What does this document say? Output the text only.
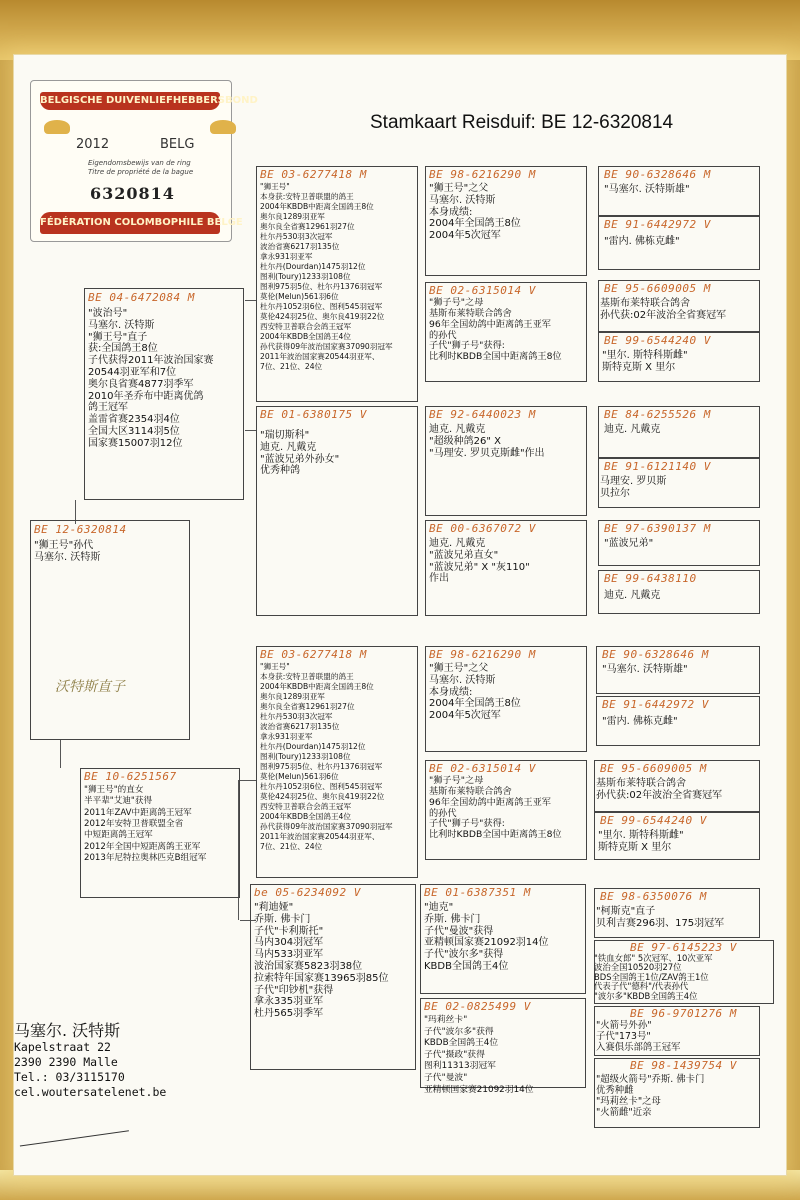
BELGISCHE DUIVENLIEFHEBBERSBOND
2012	BELG
Eigendomsbewijs van de ring
Titre de propriété de la bague
6320814
FÉDÉRATION COLOMBOPHILE BELGE
Stamkaart Reisduif: BE 12-6320814
BE 12-6320814
"狮王号"孙代
马塞尔. 沃特斯
沃特斯直子
BE 04-6472084 M
"波治号"
马塞尔. 沃特斯
"狮王号"直子
获:全国鸽王8位
子代获得2011年波治国家赛
20544羽亚军和7位
奥尔良省赛4877羽季军
2010年圣乔布中距离优鸽
鸽王冠军
盖雷省赛2354羽4位
全国大区3114羽5位
国家赛15007羽12位
BE 10-6251567
"狮王号"的直女
半平辈"艾迪"获得
2011年ZAV中距离鸽王冠军
2012年安特卫普联盟全省
中短距离鸽王冠军
2012年全国中短距离鸽王亚军
2013年尼特拉奥林匹克B组冠军
BE 03-6277418 M
"狮王号"
本身获:安特卫普联盟的鸽王
2004年KBDB中距离全国鸽王8位
奥尔良1289羽亚军
奥尔良全省赛12961羽27位
杜尔丹530羽3次冠军
波治省赛6217羽135位
拿永931羽亚军
杜尔丹(Dourdan)1475羽12位
图利(Toury)1233羽108位
图利975羽5位、杜尔丹1376羽冠军
莫伦(Melun)561羽6位
杜尔丹1052羽6位、图利545羽冠军
莫伦424羽25位、奥尔良419羽22位
西安特卫普联合会鸽王冠军
2004年KBDB全国鸽王4位
孙代获得09年波治国家赛37090羽冠军
2011年波治国家赛20544羽亚军、
7位、21位、24位
BE 01-6380175 V
"瑞切斯科"
迪克. 凡戴克
"蓝波兄弟外孙女"
优秀种鸽
BE 03-6277418 M
"狮王号"
本身获:安特卫普联盟的鸽王
2004年KBDB中距离全国鸽王8位
奥尔良1289羽亚军
奥尔良全省赛12961羽27位
杜尔丹530羽3次冠军
波治省赛6217羽135位
拿永931羽亚军
杜尔丹(Dourdan)1475羽12位
图利(Toury)1233羽108位
图利975羽5位、杜尔丹1376羽冠军
莫伦(Melun)561羽6位
杜尔丹1052羽6位、图利545羽冠军
莫伦424羽25位、奥尔良419羽22位
西安特卫普联合会鸽王冠军
2004年KBDB全国鸽王4位
孙代获得09年波治国家赛37090羽冠军
2011年波治国家赛20544羽亚军、
7位、21位、24位
be 05-6234092 V
"莉迪娅"
乔斯. 佛卡门
子代"卡利斯托"
马内304羽冠军
马内533羽亚军
波治国家赛5823羽38位
拉索特年国家赛13965羽85位
子代"印钞机"获得
拿永335羽亚军
杜丹565羽季军
BE 98-6216290 M
"狮王号"之父
马塞尔. 沃特斯
本身成绩:
2004年全国鸽王8位
2004年5次冠军
BE 02-6315014 V
"狮子号"之母
基斯布莱特联合鸽舍
96年全国幼鸽中距离鸽王亚军
的孙代
子代"狮子号"获得:
比利时KBDB全国中距离鸽王8位
BE 92-6440023 M
迪克. 凡戴克
"超级种鸽26" X
"马理安. 罗贝克斯雌"作出
BE 00-6367072 V
迪克. 凡戴克
"蓝波兄弟直女"
"蓝波兄弟" X "灰110"
作出
BE 98-6216290 M
"狮王号"之父
马塞尔. 沃特斯
本身成绩:
2004年全国鸽王8位
2004年5次冠军
BE 02-6315014 V
"狮子号"之母
基斯布莱特联合鸽舍
96年全国幼鸽中距离鸽王亚军
的孙代
子代"狮子号"获得:
比利时KBDB全国中距离鸽王8位
BE 01-6387351 M
"迪克"
乔斯. 佛卡门
子代"曼波"获得
亚精顿国家赛21092羽14位
子代"波尔多"获得
KBDB全国鸽王4位
BE 02-0825499 V
"玛莉丝卡"
子代"波尔多"获得
KBDB全国鸽王4位
子代"摄政"获得
图利11313羽冠军
子代"曼波"
亚精顿国家赛21092羽14位
BE 90-6328646 M
"马塞尔. 沃特斯雄"
BE 91-6442972 V
"雷内. 佛栋克雌"
BE 95-6609005 M
基斯布莱特联合鸽舍
孙代获:02年波治全省赛冠军
BE 99-6544240 V
"里尔. 斯特科斯雌"
斯特克斯 X 里尔
BE 84-6255526 M
迪克. 凡戴克
BE 91-6121140 V
马理安. 罗贝斯
贝拉尔
BE 97-6390137 M
"蓝波兄弟"
BE 99-6438110
迪克. 凡戴克
BE 90-6328646 M
"马塞尔. 沃特斯雄"
BE 91-6442972 V
"雷内. 佛栋克雌"
BE 95-6609005 M
基斯布莱特联合鸽舍
孙代获:02年波治全省赛冠军
BE 99-6544240 V
"里尔. 斯特科斯雌"
斯特克斯 X 里尔
BE 98-6350076 M
"柯斯克"直子
贝利吉赛296羽、175羽冠军
BE 97-6145223 V
"铁血女郎" 5次冠军、10次亚军
波治全国10520羽27位
BDS全国鸽王1位/ZAV鸽王1位
代表子代"德科"/代表孙代
"波尔多"KBDB全国鸽王4位
BE 96-9701276 M
"火箭号外孙"
子代"173号"
入赛俱乐部鸽王冠军
BE 98-1439754 V
"超级火箭号"乔斯. 佛卡门
优秀种雌
"玛莉丝卡"之母
"火箭雌"近亲
马塞尔. 沃特斯
Kapelstraat 22
2390 2390 Malle
Tel.: 03/3115170
cel.woutersatelenet.be
